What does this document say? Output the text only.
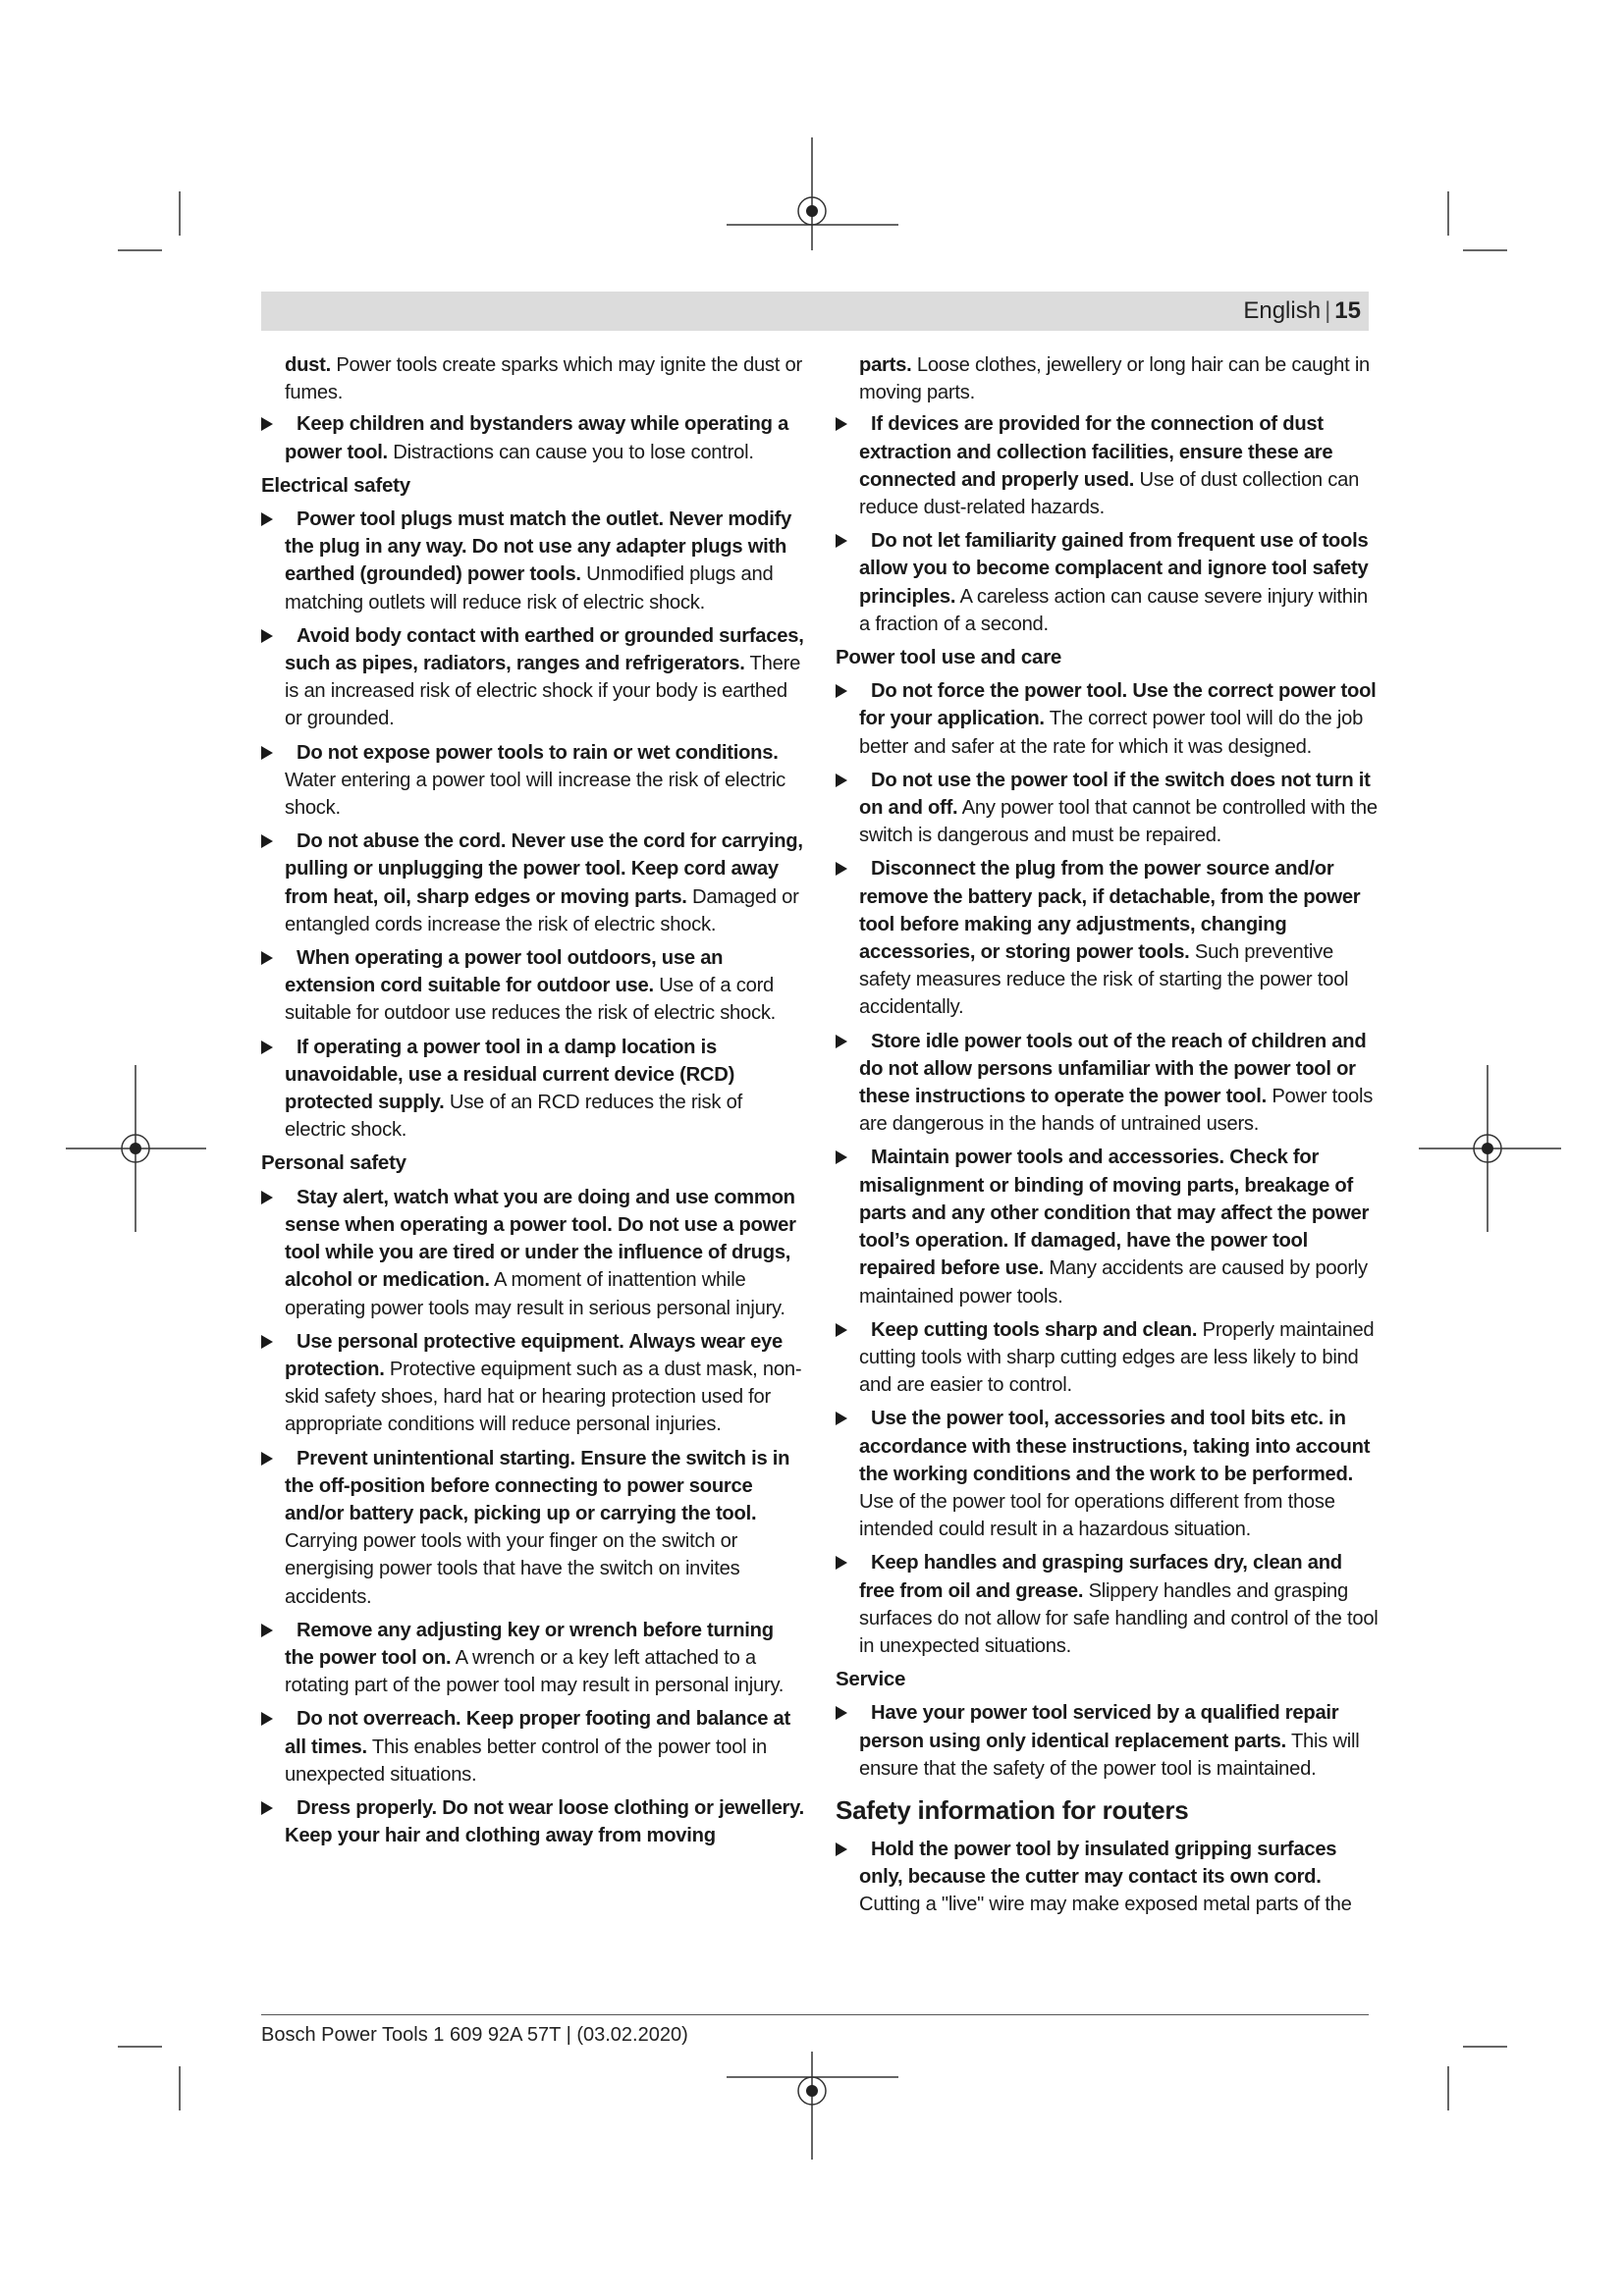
English | 15

dust. Power tools create sparks which may ignite the dust or fumes.

Keep children and bystanders away while operating a power tool. Distractions can cause you to lose control.
Electrical safety
Power tool plugs must match the outlet. Never modify the plug in any way. Do not use any adapter plugs with earthed (grounded) power tools. Unmodified plugs and matching outlets will reduce risk of electric shock.
Avoid body contact with earthed or grounded surfaces, such as pipes, radiators, ranges and refrigerators. There is an increased risk of electric shock if your body is earthed or grounded.
Do not expose power tools to rain or wet conditions. Water entering a power tool will increase the risk of electric shock.
Do not abuse the cord. Never use the cord for carrying, pulling or unplugging the power tool. Keep cord away from heat, oil, sharp edges or moving parts. Damaged or entangled cords increase the risk of electric shock.
When operating a power tool outdoors, use an extension cord suitable for outdoor use. Use of a cord suitable for outdoor use reduces the risk of electric shock.
If operating a power tool in a damp location is unavoidable, use a residual current device (RCD) protected supply. Use of an RCD reduces the risk of electric shock.
Personal safety
Stay alert, watch what you are doing and use common sense when operating a power tool. Do not use a power tool while you are tired or under the influence of drugs, alcohol or medication. A moment of inattention while operating power tools may result in serious personal injury.
Use personal protective equipment. Always wear eye protection. Protective equipment such as a dust mask, non-skid safety shoes, hard hat or hearing protection used for appropriate conditions will reduce personal injuries.
Prevent unintentional starting. Ensure the switch is in the off-position before connecting to power source and/or battery pack, picking up or carrying the tool. Carrying power tools with your finger on the switch or energising power tools that have the switch on invites accidents.
Remove any adjusting key or wrench before turning the power tool on. A wrench or a key left attached to a rotating part of the power tool may result in personal injury.
Do not overreach. Keep proper footing and balance at all times. This enables better control of the power tool in unexpected situations.
Dress properly. Do not wear loose clothing or jewellery. Keep your hair and clothing away from moving

parts. Loose clothes, jewellery or long hair can be caught in moving parts.

If devices are provided for the connection of dust extraction and collection facilities, ensure these are connected and properly used. Use of dust collection can reduce dust-related hazards.
Do not let familiarity gained from frequent use of tools allow you to become complacent and ignore tool safety principles. A careless action can cause severe injury within a fraction of a second.
Power tool use and care
Do not force the power tool. Use the correct power tool for your application. The correct power tool will do the job better and safer at the rate for which it was designed.
Do not use the power tool if the switch does not turn it on and off. Any power tool that cannot be controlled with the switch is dangerous and must be repaired.
Disconnect the plug from the power source and/or remove the battery pack, if detachable, from the power tool before making any adjustments, changing accessories, or storing power tools. Such preventive safety measures reduce the risk of starting the power tool accidentally.
Store idle power tools out of the reach of children and do not allow persons unfamiliar with the power tool or these instructions to operate the power tool. Power tools are dangerous in the hands of untrained users.
Maintain power tools and accessories. Check for misalignment or binding of moving parts, breakage of parts and any other condition that may affect the power tool’s operation. If damaged, have the power tool repaired before use. Many accidents are caused by poorly maintained power tools.
Keep cutting tools sharp and clean. Properly maintained cutting tools with sharp cutting edges are less likely to bind and are easier to control.
Use the power tool, accessories and tool bits etc. in accordance with these instructions, taking into account the working conditions and the work to be performed. Use of the power tool for operations different from those intended could result in a hazardous situation.
Keep handles and grasping surfaces dry, clean and free from oil and grease. Slippery handles and grasping surfaces do not allow for safe handling and control of the tool in unexpected situations.
Service
Have your power tool serviced by a qualified repair person using only identical replacement parts. This will ensure that the safety of the power tool is maintained.
Safety information for routers
Hold the power tool by insulated gripping surfaces only, because the cutter may contact its own cord. Cutting a "live" wire may make exposed metal parts of the
Bosch Power Tools 1 609 92A 57T | (03.02.2020)
